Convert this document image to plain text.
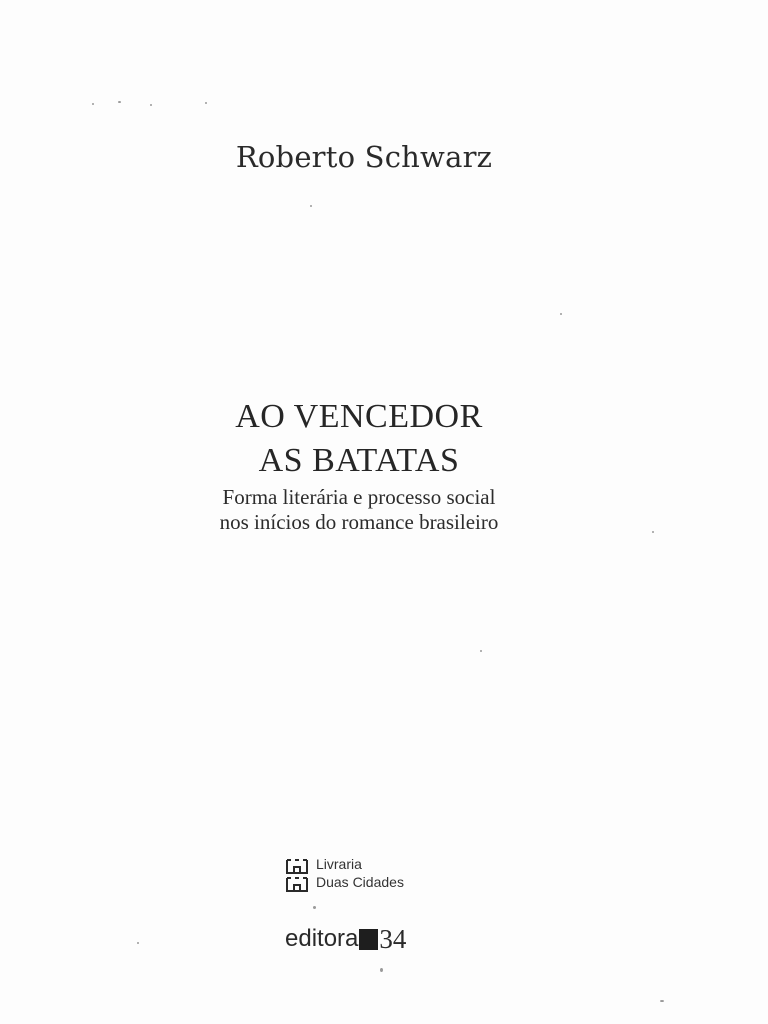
Roberto Schwarz
AO VENCEDOR
AS BATATAS
Forma literária e processo social
nos inícios do romance brasileiro
Livraria
Duas Cidades
editora 34
